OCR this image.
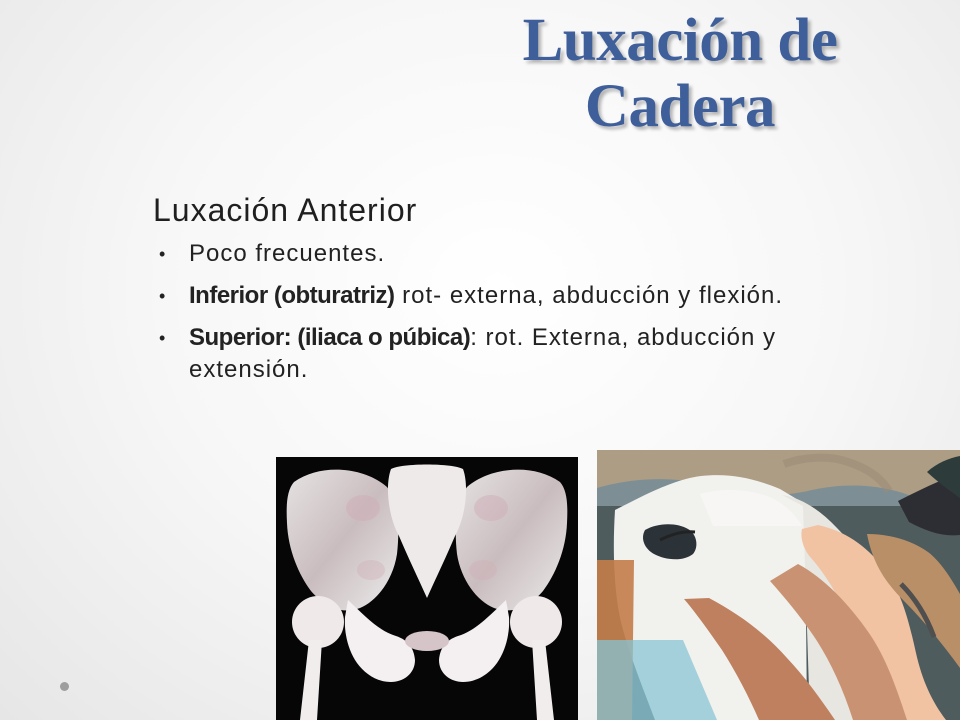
Luxación de
Cadera
Luxación Anterior
• Poco frecuentes.
• Inferior (obturatriz) rot- externa, abducción y flexión.
• Superior: (iliaca o púbica): rot. Externa, abducción y extensión.
